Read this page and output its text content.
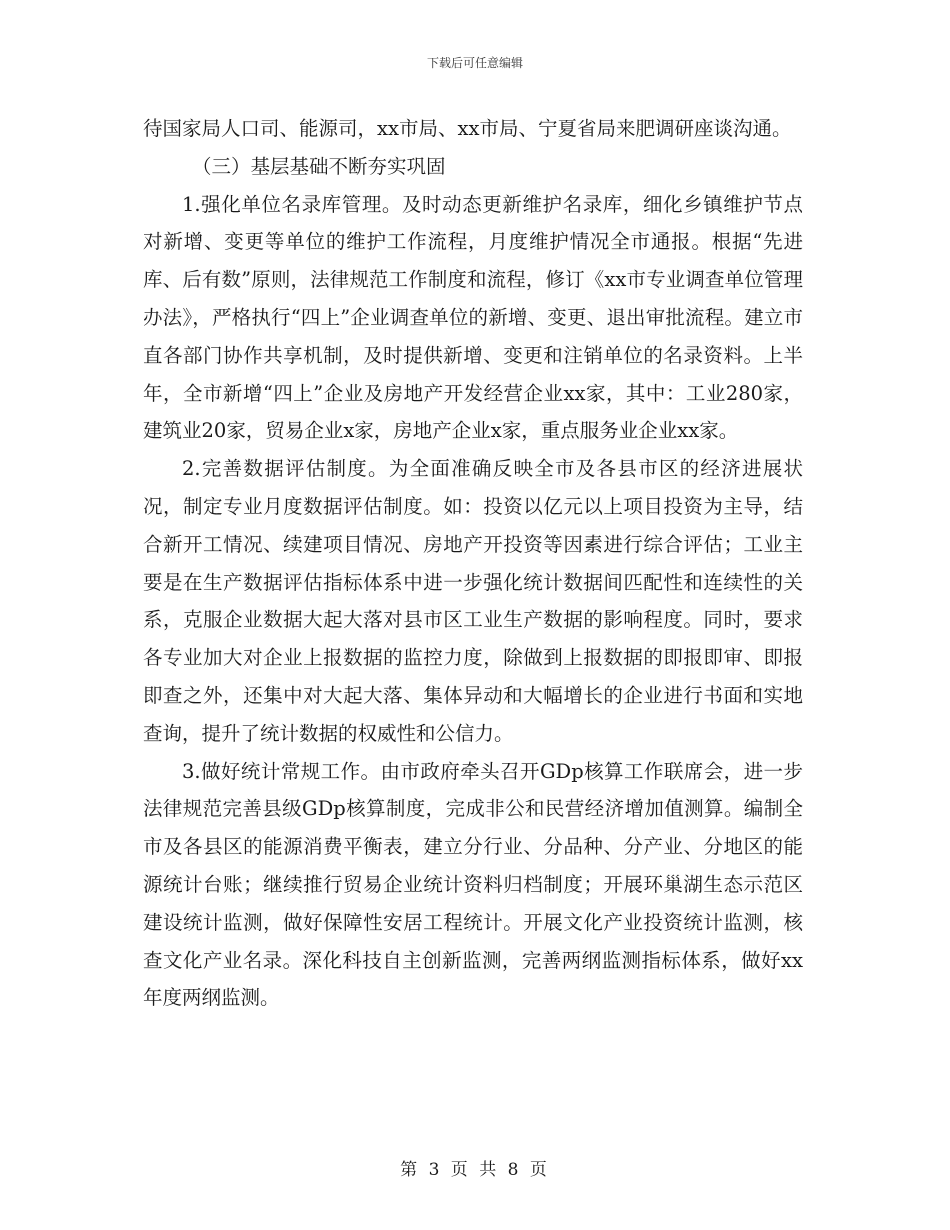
下载后可任意编辑

待国家局人口司、能源司，xx市局、xx市局、宁夏省局来肥调研座谈沟通。

（三）基层基础不断夯实巩固

1.强化单位名录库管理。及时动态更新维护名录库，细化乡镇维护节点对新增、变更等单位的维护工作流程，月度维护情况全市通报。根据“先进库、后有数”原则，法律规范工作制度和流程，修订《xx市专业调查单位管理办法》，严格执行“四上”企业调查单位的新增、变更、退出审批流程。建立市直各部门协作共享机制，及时提供新增、变更和注销单位的名录资料。上半年，全市新增“四上”企业及房地产开发经营企业xx家，其中：工业280家，建筑业20家，贸易企业x家，房地产企业x家，重点服务业企业xx家。

2.完善数据评估制度。为全面准确反映全市及各县市区的经济进展状况，制定专业月度数据评估制度。如：投资以亿元以上项目投资为主导，结合新开工情况、续建项目情况、房地产开投资等因素进行综合评估；工业主要是在生产数据评估指标体系中进一步强化统计数据间匹配性和连续性的关系，克服企业数据大起大落对县市区工业生产数据的影响程度。同时，要求各专业加大对企业上报数据的监控力度，除做到上报数据的即报即审、即报即查之外，还集中对大起大落、集体异动和大幅增长的企业进行书面和实地查询，提升了统计数据的权威性和公信力。

3.做好统计常规工作。由市政府牵头召开GDp核算工作联席会，进一步法律规范完善县级GDp核算制度，完成非公和民营经济增加值测算。编制全市及各县区的能源消费平衡表，建立分行业、分品种、分产业、分地区的能源统计台账；继续推行贸易企业统计资料归档制度；开展环巢湖生态示范区建设统计监测，做好保障性安居工程统计。开展文化产业投资统计监测，核查文化产业名录。深化科技自主创新监测，完善两纲监测指标体系，做好xx年度两纲监测。

第 3 页 共 8 页
